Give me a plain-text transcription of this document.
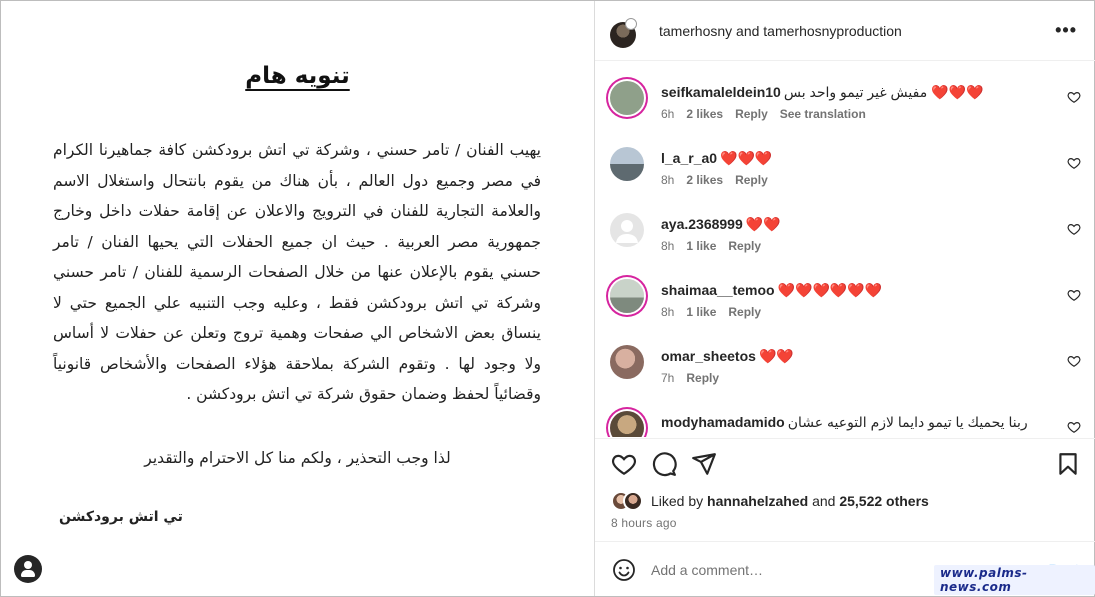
تنويه هام
يهيب الفنان / تامر حسني ، وشركة تي اتش برودكشن كافة جماهيرنا الكرام في مصر وجميع دول العالم ، بأن هناك من يقوم بانتحال واستغلال الاسم والعلامة التجارية للفنان في الترويج والاعلان عن إقامة حفلات داخل وخارج جمهورية مصر العربية . حيث ان جميع الحفلات التي يحيها الفنان / تامر حسني يقوم بالإعلان عنها من خلال الصفحات الرسمية للفنان / تامر حسني وشركة تي اتش برودكشن فقط ، وعليه وجب التنبيه علي الجميع حتي لا ينساق بعض الاشخاص الي صفحات وهمية تروج وتعلن عن حفلات لا أساس ولا وجود لها . وتقوم الشركة بملاحقة هؤلاء الصفحات والأشخاص قانونياً وقضائياً لحفظ وضمان حقوق شركة تي اتش برودكشن .
لذا وجب التحذير ، ولكم منا كل الاحترام والتقدير
تي اتش برودكشن
tamerhosny and tamerhosnyproduction	•••
seifkamaleldein10 مفيش غير تيمو واحد بس ❤️❤️❤️
6h 2 likes Reply See translation
l_a_r_a0 ❤️❤️❤️
8h 2 likes Reply
aya.2368999 ❤️❤️
8h 1 like Reply
shaimaa__temoo ❤️❤️❤️❤️❤️❤️
8h 1 like Reply
omar_sheetos ❤️❤️
7h Reply
modyhamadamido ربنا يحميك يا تيمو دايما لازم التوعيه عشان
Liked by hannahelzahed and 25,522 others
8 hours ago
Add a comment…
www.palms-news.com
